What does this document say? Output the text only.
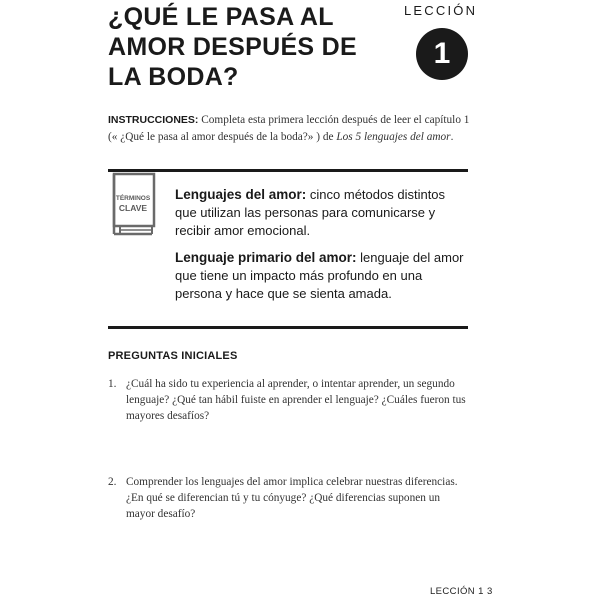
¿QUÉ LE PASA AL AMOR DESPUÉS DE LA BODA?
LECCIÓN
1

INSTRUCCIONES: Completa esta primera lección después de leer el capítulo 1 (« ¿Qué le pasa al amor después de la boda?» ) de Los 5 lenguajes del amor.

TÉRMINOS
CLAVE

Lenguajes del amor: cinco métodos distintos que utilizan las personas para comunicarse y recibir amor emocional.

Lenguaje primario del amor: lenguaje del amor que tiene un impacto más profundo en una persona y hace que se sienta amada.

PREGUNTAS INICIALES
1. ¿Cuál ha sido tu experiencia al aprender, o intentar aprender, un segundo lenguaje? ¿Qué tan hábil fuiste en aprender el lenguaje? ¿Cuáles fueron tus mayores desafíos?
2. Comprender los lenguajes del amor implica celebrar nuestras diferencias. ¿En qué se diferencian tú y tu cónyuge? ¿Qué diferencias suponen un mayor desafío?
LECCIÓN 1 3
